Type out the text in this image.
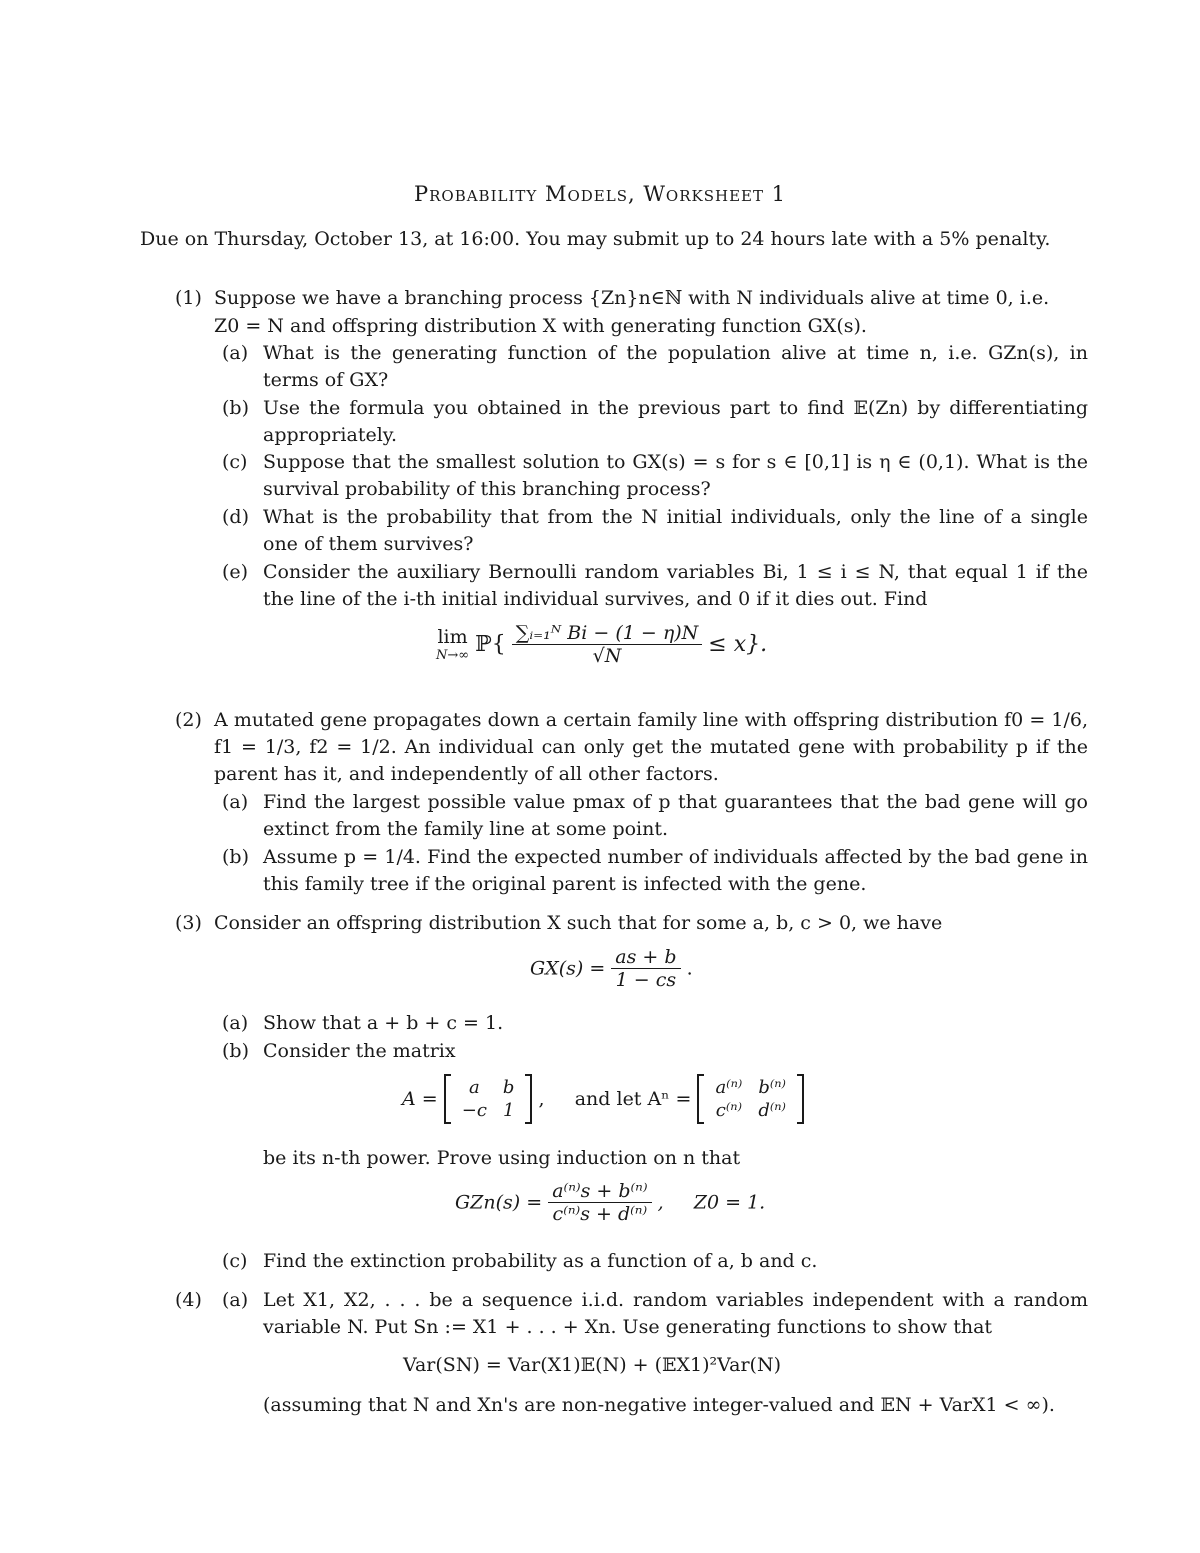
Probability Models, Worksheet 1
Due on Thursday, October 13, at 16:00. You may submit up to 24 hours late with a 5% penalty.
(1) Suppose we have a branching process {Zn}n∈ℕ with N individuals alive at time 0, i.e.
Z0 = N and offspring distribution X with generating function GX(s).
(a) What is the generating function of the population alive at time n, i.e. GZn(s), in terms of GX?
(b) Use the formula you obtained in the previous part to find 𝔼(Zn) by differentiating appropriately.
(c) Suppose that the smallest solution to GX(s) = s for s ∈ [0,1] is η ∈ (0,1). What is the survival probability of this branching process?
(d) What is the probability that from the N initial individuals, only the line of a single one of them survives?
(e) Consider the auxiliary Bernoulli random variables Bi, 1 ≤ i ≤ N, that equal 1 if the the line of the i-th initial individual survives, and 0 if it dies out. Find
lim
N→∞ ℙ{ $\frac{\text{∑ᵢ₌₁ᴺ Bi − (1 − η)N}}{√N} \le x$}.
(2) A mutated gene propagates down a certain family line with offspring distribution f0 = 1/6, f1 = 1/3, f2 = 1/2. An individual can only get the mutated gene with probability p if the parent has it, and independently of all other factors.
(a) Find the largest possible value pmax of p that guarantees that the bad gene will go extinct from the family line at some point.
(b) Assume p = 1/4. Find the expected number of individuals affected by the bad gene in this family tree if the original parent is infected with the gene.
(3) Consider an offspring distribution X such that for some a, b, c > 0, we have
$GX(s) = \frac{as + b}{1 - cs}$ .
(a) Show that a + b + c = 1.
(b) Consider the matrix
A =
a	b
−c	1
,     and let Aⁿ =
a⁽ⁿ⁾	b⁽ⁿ⁾
c⁽ⁿ⁾	d⁽ⁿ⁾
be its n-th power. Prove using induction on n that
$GZn(s) = \frac{\text{a⁽ⁿ⁾s + b⁽ⁿ⁾}}{\text{c⁽ⁿ⁾s + d⁽ⁿ⁾}}$ ,     Z0 = 1.
(c) Find the extinction probability as a function of a, b and c.
(4) (a) Let X1, X2, . . . be a sequence i.i.d. random variables independent with a random variable N. Put Sn := X1 + . . . + Xn. Use generating functions to show that
Var(SN) = Var(X1)𝔼(N) + (𝔼X1)²Var(N)
(assuming that N and Xn's are non-negative integer-valued and 𝔼N + VarX1 < ∞).
